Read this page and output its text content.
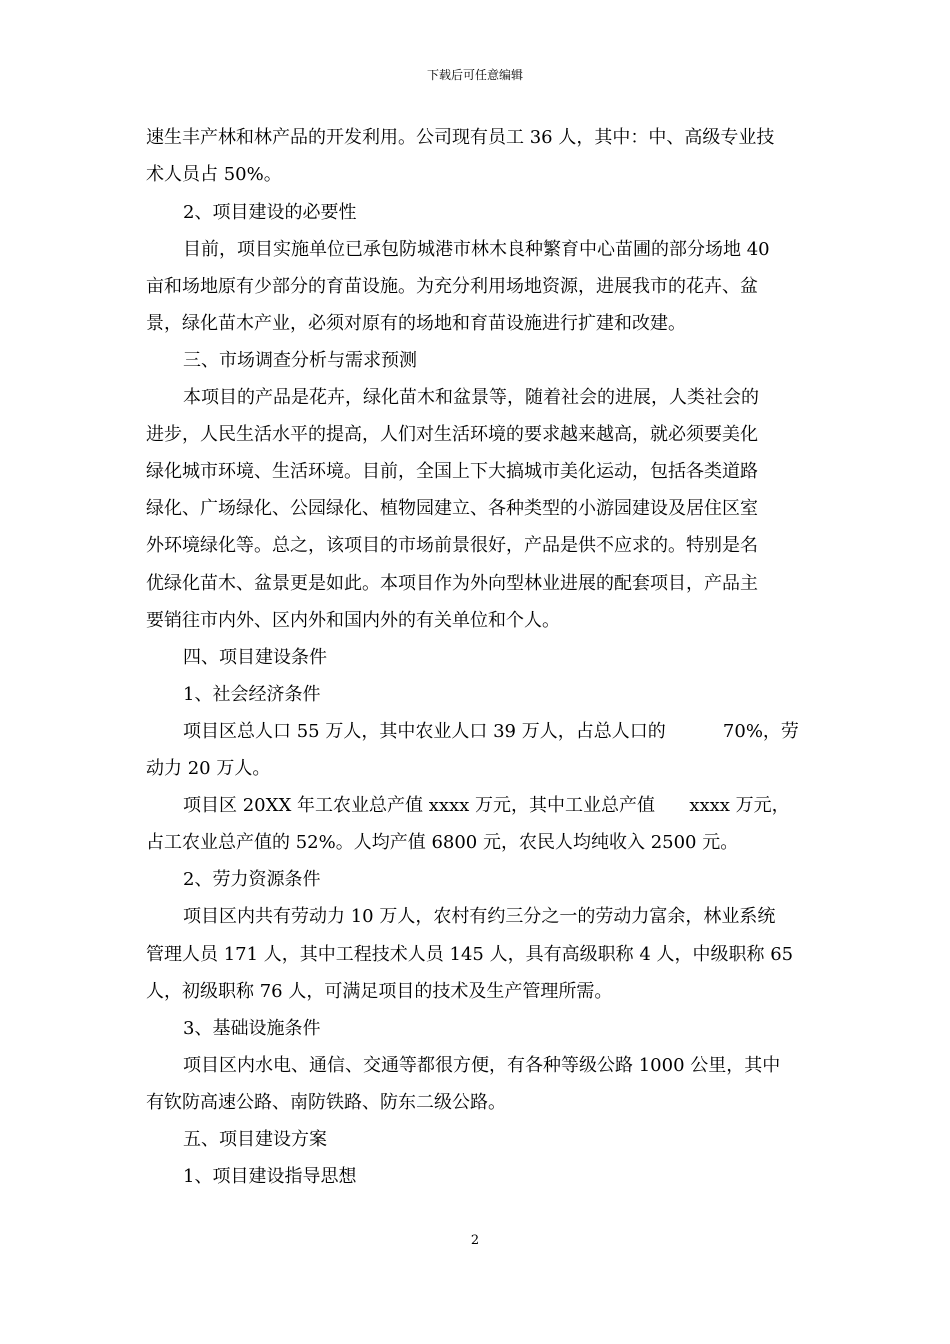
下载后可任意编辑
速生丰产林和林产品的开发利用。公司现有员工 36 人，其中：中、高级专业技
术人员占 50%。
2、项目建设的必要性
目前，项目实施单位已承包防城港市林木良种繁育中心苗圃的部分场地 40
亩和场地原有少部分的育苗设施。为充分利用场地资源，进展我市的花卉、盆
景，绿化苗木产业，必须对原有的场地和育苗设施进行扩建和改建。
三、市场调查分析与需求预测
本项目的产品是花卉，绿化苗木和盆景等，随着社会的进展，人类社会的
进步，人民生活水平的提高，人们对生活环境的要求越来越高，就必须要美化
绿化城市环境、生活环境。目前，全国上下大搞城市美化运动，包括各类道路
绿化、广场绿化、公园绿化、植物园建立、各种类型的小游园建设及居住区室
外环境绿化等。总之，该项目的市场前景很好，产品是供不应求的。特别是名
优绿化苗木、盆景更是如此。本项目作为外向型林业进展的配套项目，产品主
要销往市内外、区内外和国内外的有关单位和个人。
四、项目建设条件
1、社会经济条件
项目区总人口 55 万人，其中农业人口 39 万人，占总人口的          70%，劳
动力 20 万人。
项目区 20XX 年工农业总产值 xxxx 万元，其中工业总产值      xxxx 万元，
占工农业总产值的 52%。人均产值 6800 元，农民人均纯收入 2500 元。
2、劳力资源条件
项目区内共有劳动力 10 万人，农村有约三分之一的劳动力富余，林业系统
管理人员 171 人，其中工程技术人员 145 人，具有高级职称 4 人，中级职称 65
人，初级职称 76 人，可满足项目的技术及生产管理所需。
3、基础设施条件
项目区内水电、通信、交通等都很方便，有各种等级公路 1000 公里，其中
有钦防高速公路、南防铁路、防东二级公路。
五、项目建设方案
1、项目建设指导思想
2
